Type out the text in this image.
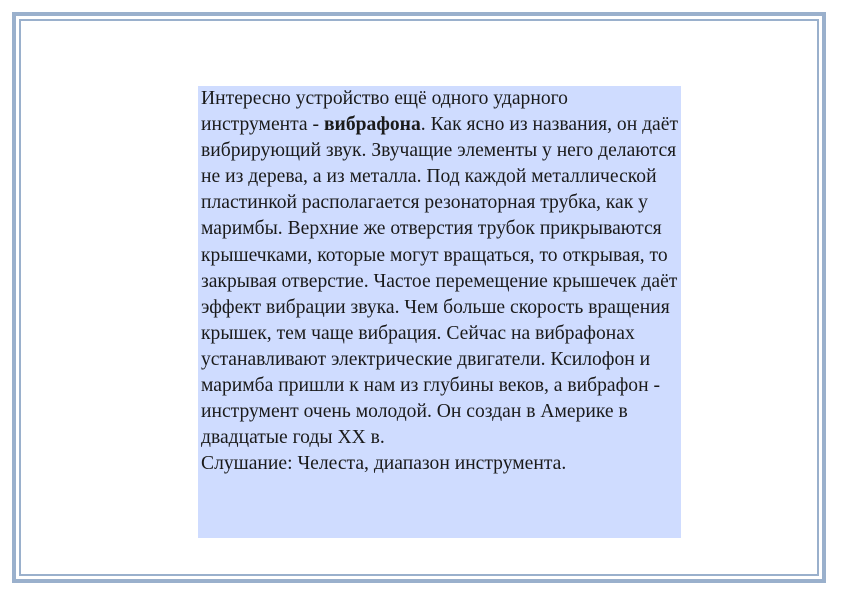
Интересно устройство ещё одного ударного инструмента - вибрафона. Как ясно из названия, он даёт вибрирующий звук. Звучащие элементы у него делаются не из дерева, а из металла. Под каждой металлической пластинкой располагается резонаторная трубка, как у маримбы. Верхние же отверстия трубок прикрываются крышечками, которые могут вращаться, то открывая, то закрывая отверстие. Частое перемещение крышечек даёт эффект вибрации звука. Чем больше скорость вращения крышек, тем чаще вибрация. Сейчас на вибрафонах устанавливают электрические двигатели. Ксилофон и маримба пришли к нам из глубины веков, а вибрафон - инструмент очень молодой. Он создан в Америке в двадцатые годы XX в.

Слушание: Челеста, диапазон инструмента.
